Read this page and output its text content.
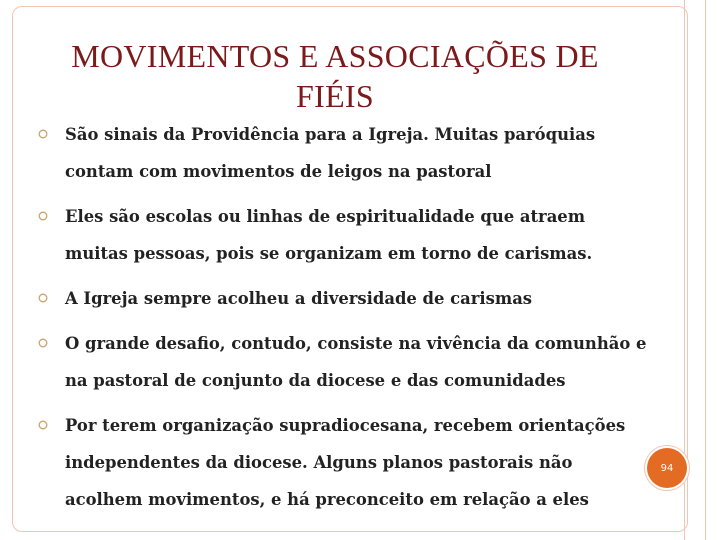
MOVIMENTOS E ASSOCIAÇÕES DE FIÉIS
São sinais da Providência para a Igreja. Muitas paróquias contam com movimentos de leigos na pastoral
Eles são escolas ou linhas de espiritualidade que atraem muitas pessoas, pois se organizam em torno de carismas.
A Igreja sempre acolheu a diversidade de carismas
O grande desafio, contudo, consiste na vivência da comunhão e na pastoral de conjunto da diocese e das comunidades
Por terem organização supradiocesana, recebem orientações independentes da diocese. Alguns planos pastorais não acolhem movimentos, e há preconceito em relação a eles
94
